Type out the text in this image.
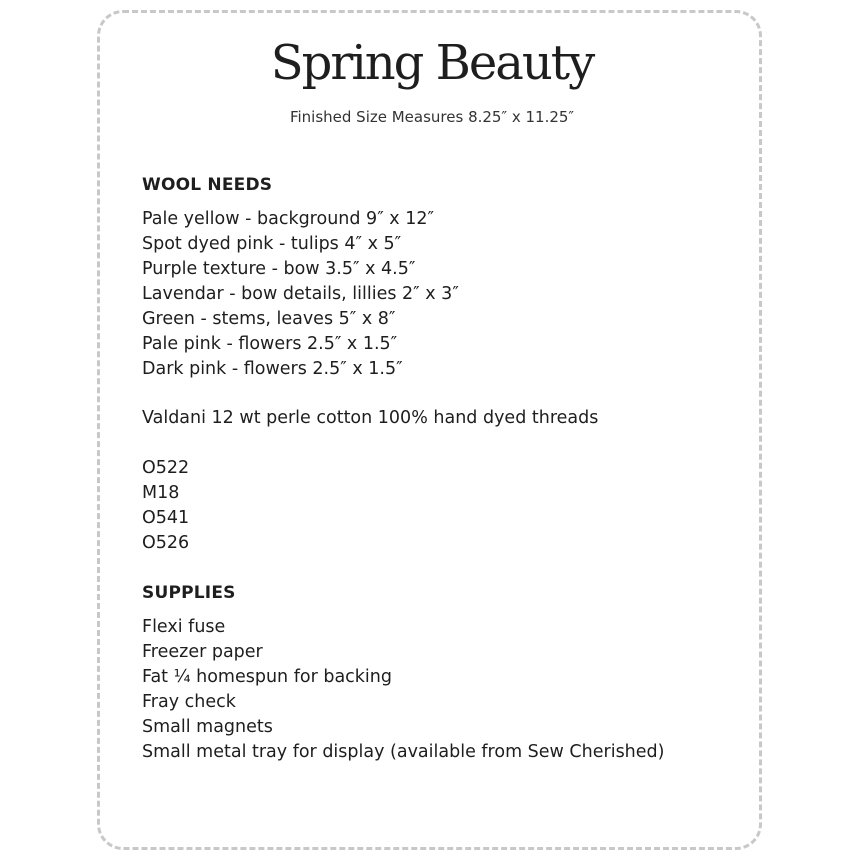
Spring Beauty
Finished Size Measures 8.25″ x 11.25″
WOOL NEEDS
Pale yellow - background 9″ x 12″
Spot dyed pink - tulips 4″ x 5″
Purple texture - bow 3.5″ x 4.5″
Lavendar - bow details, lillies 2″ x 3″
Green - stems, leaves 5″ x 8″
Pale pink - flowers 2.5″ x 1.5″
Dark pink - flowers 2.5″ x 1.5″
Valdani 12 wt perle cotton 100% hand dyed threads
O522
M18
O541
O526
SUPPLIES
Flexi fuse
Freezer paper
Fat ¼ homespun for backing
Fray check
Small magnets
Small metal tray for display (available from Sew Cherished)
